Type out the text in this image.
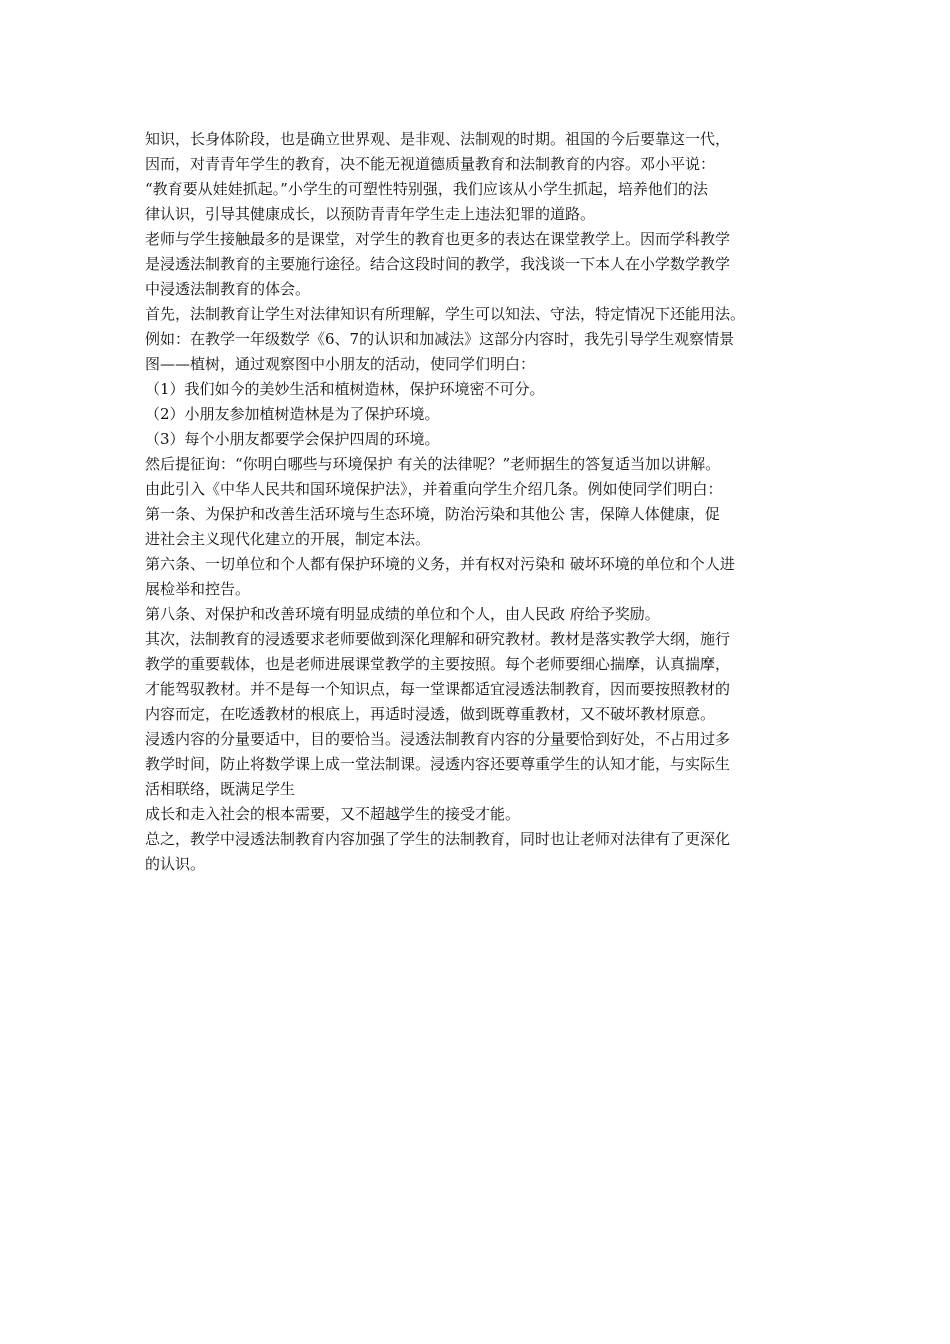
知识，长身体阶段，也是确立世界观、是非观、法制观的时期。祖国的今后要靠这一代，
因而，对青青年学生的教育，决不能无视道德质量教育和法制教育的内容。邓小平说：
“教育要从娃娃抓起。”小学生的可塑性特别强，我们应该从小学生抓起，培养他们的法
律认识，引导其健康成长，以预防青青年学生走上违法犯罪的道路。
老师与学生接触最多的是课堂，对学生的教育也更多的表达在课堂教学上。因而学科教学
是浸透法制教育的主要施行途径。结合这段时间的教学，我浅谈一下本人在小学数学教学
中浸透法制教育的体会。
首先，法制教育让学生对法律知识有所理解，学生可以知法、守法，特定情况下还能用法。
例如：在教学一年级数学《6、7的认识和加减法》这部分内容时，我先引导学生观察情景
图——植树，通过观察图中小朋友的活动，使同学们明白：
（1）我们如今的美妙生活和植树造林，保护环境密不可分。
（2）小朋友参加植树造林是为了保护环境。
（3）每个小朋友都要学会保护四周的环境。
然后提征询：“你明白哪些与环境保护 有关的法律呢？”老师据生的答复适当加以讲解。
由此引入《中华人民共和国环境保护法》，并着重向学生介绍几条。例如使同学们明白：
第一条、为保护和改善生活环境与生态环境，防治污染和其他公 害，保障人体健康，促
进社会主义现代化建立的开展，制定本法。
第六条、一切单位和个人都有保护环境的义务，并有权对污染和 破坏环境的单位和个人进
展检举和控告。
第八条、对保护和改善环境有明显成绩的单位和个人，由人民政 府给予奖励。
其次，法制教育的浸透要求老师要做到深化理解和研究教材。教材是落实教学大纲，施行
教学的重要载体，也是老师进展课堂教学的主要按照。每个老师要细心揣摩，认真揣摩，
才能驾驭教材。并不是每一个知识点，每一堂课都适宜浸透法制教育，因而要按照教材的
内容而定，在吃透教材的根底上，再适时浸透，做到既尊重教材，又不破坏教材原意。
浸透内容的分量要适中，目的要恰当。浸透法制教育内容的分量要恰到好处，不占用过多
教学时间，防止将数学课上成一堂法制课。浸透内容还要尊重学生的认知才能，与实际生
活相联络，既满足学生
成长和走入社会的根本需要，又不超越学生的接受才能。
总之，教学中浸透法制教育内容加强了学生的法制教育，同时也让老师对法律有了更深化
的认识。
